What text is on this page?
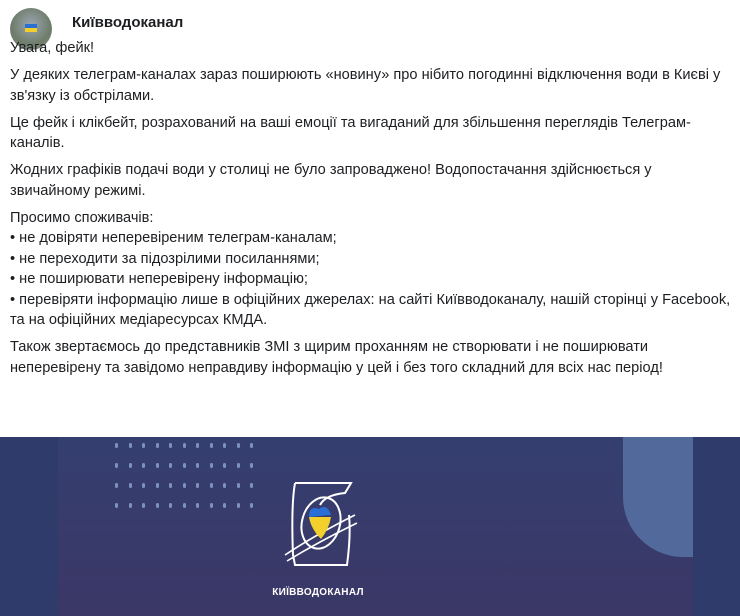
Київводоканал

Увага, фейк!

У деяких телеграм-каналах зараз поширюють «новину» про нібито погодинні відключення води в Києві у зв'язку із обстрілами.

Це фейк і клікбейт, розрахований на ваші емоції та вигаданий для збільшення переглядів Телеграм-каналів.

Жодних графіків подачі води у столиці не було запроваджено! Водопостачання здійснюється у звичайному режимі.

Просимо споживачів:
• не довіряти неперевіреним телеграм-каналам;
• не переходити за підозрілими посиланнями;
• не поширювати неперевірену інформацію;
• перевіряти інформацію лише в офіційних джерелах: на сайті Київводоканалу, нашій сторінці у Facebook, та на офіційних медіаресурсах КМДА.

Також звертаємось до представників ЗМІ з щирим проханням не створювати і не поширювати неперевірену та завідомо неправдиву інформацію у цей і без того складний для всіх нас період!

КИЇВВОДОКАНАЛ
